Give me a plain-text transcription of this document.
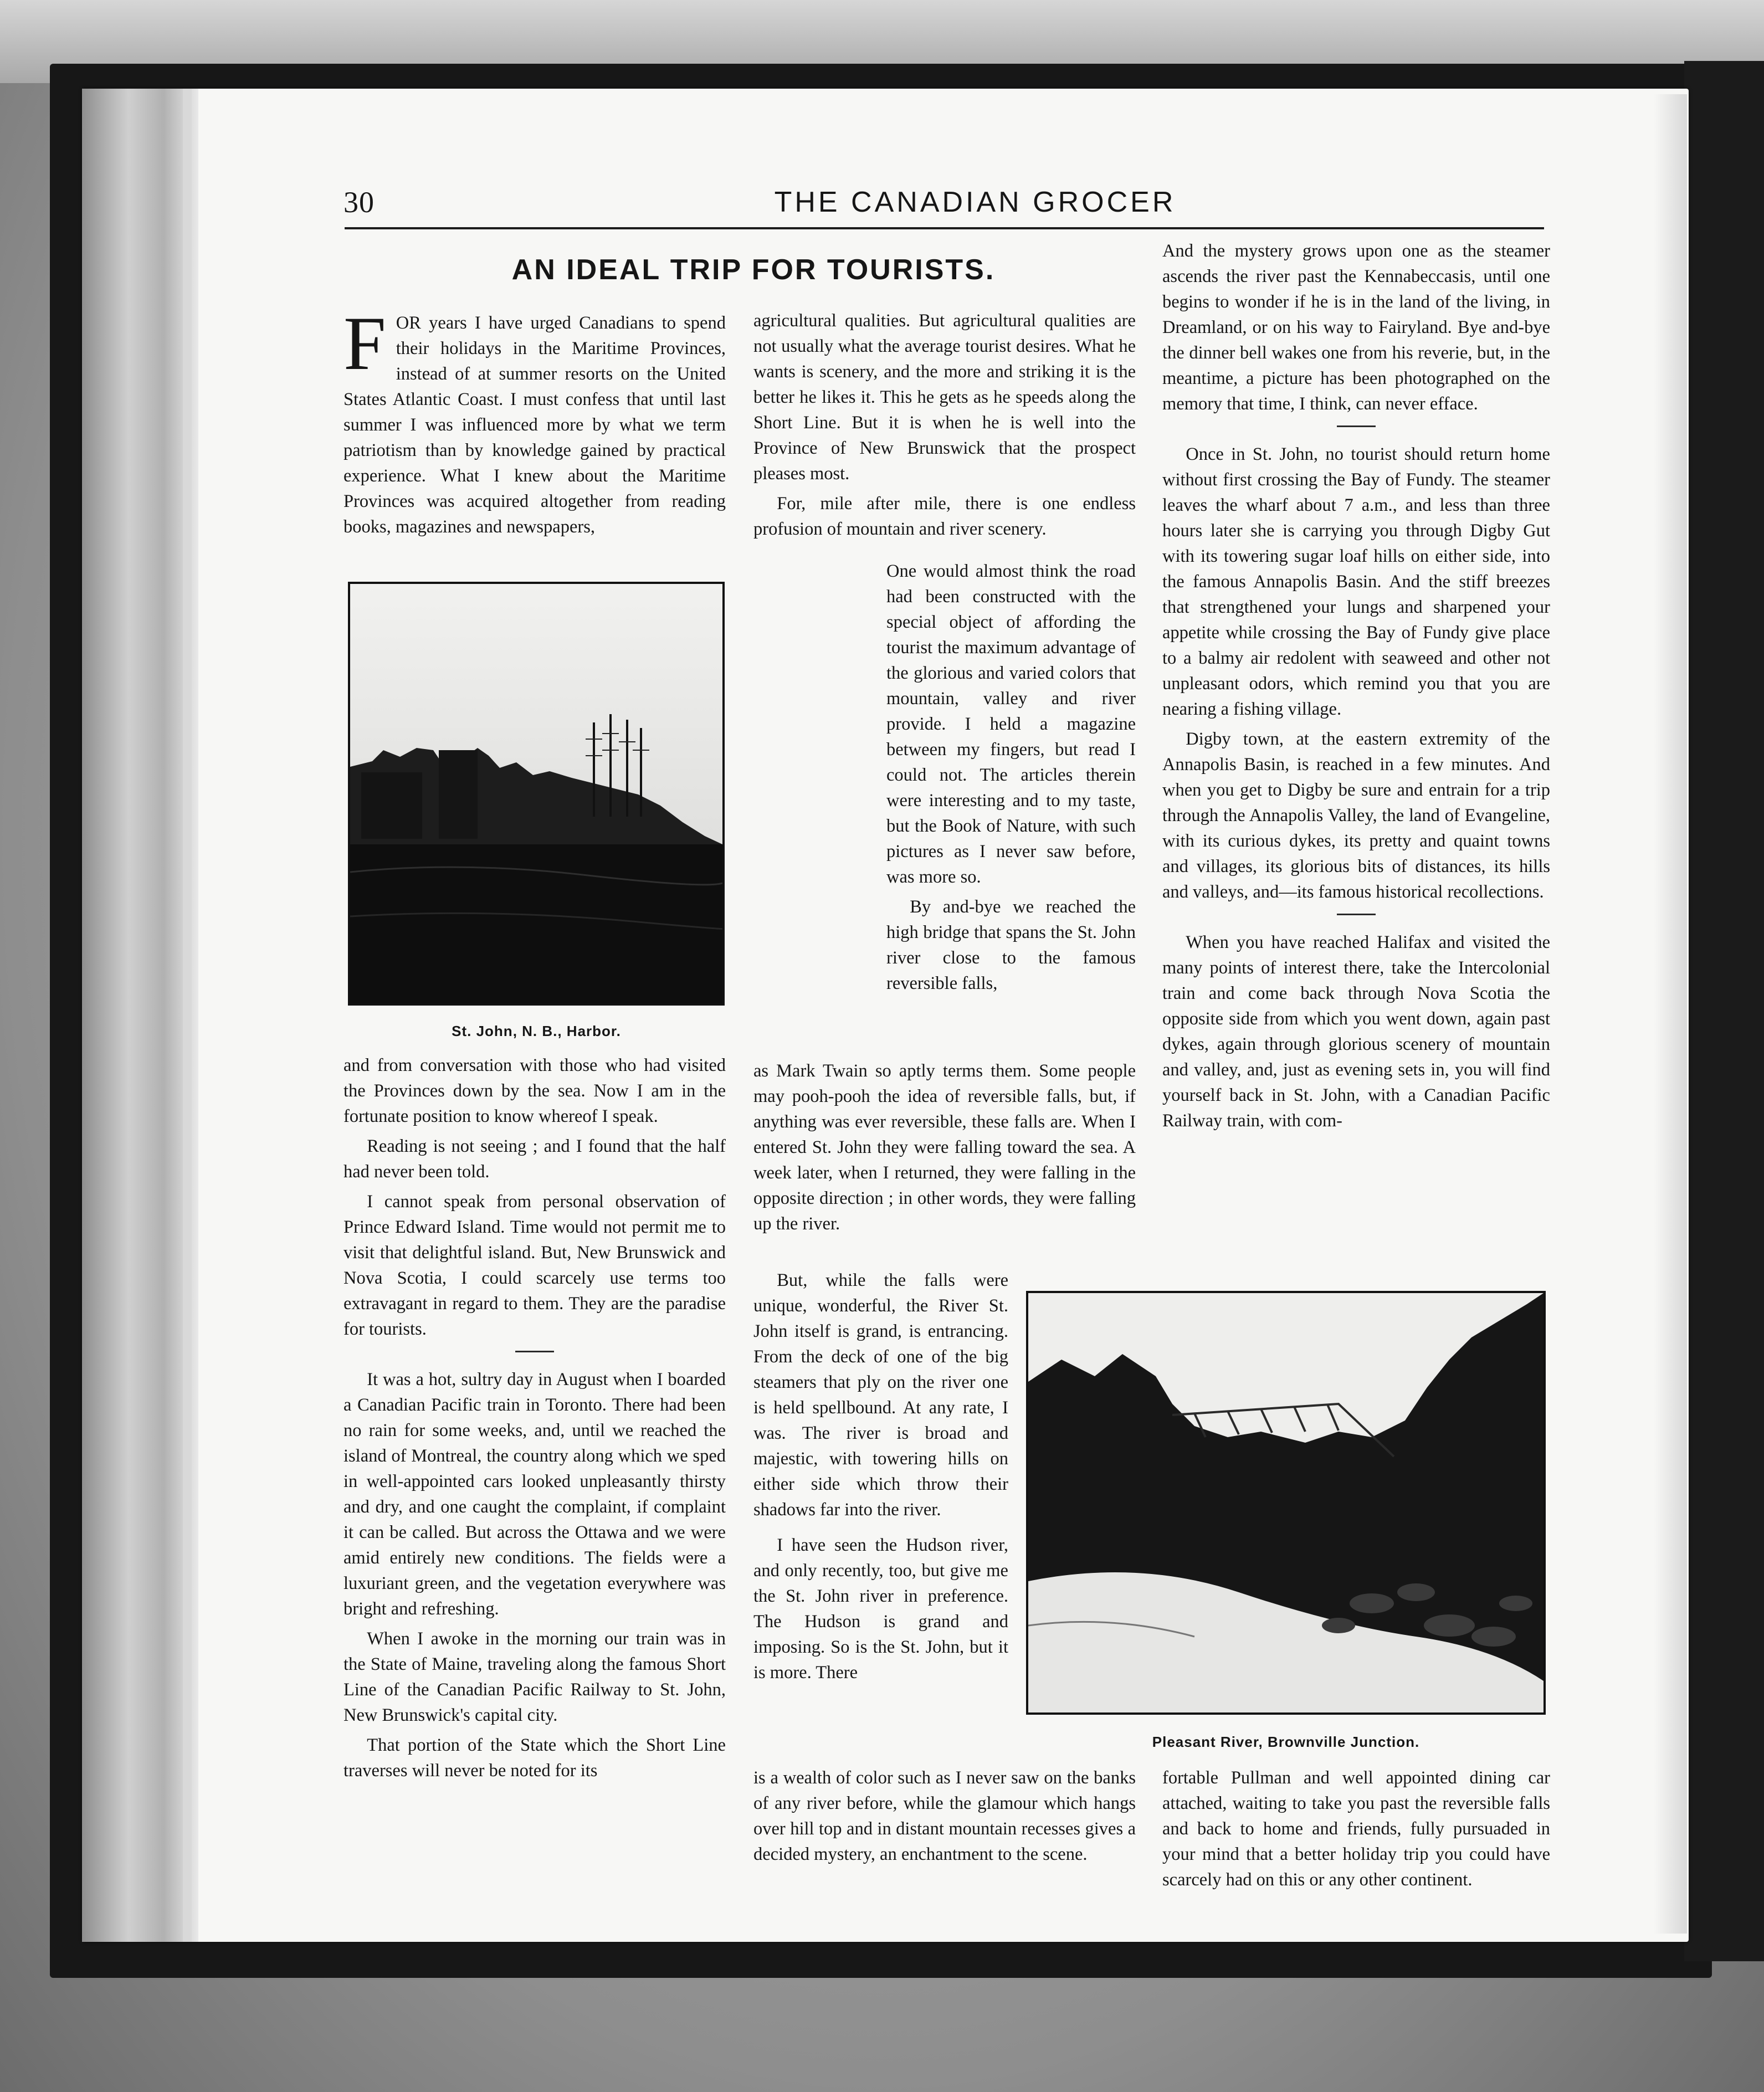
30	THE CANADIAN GROCER
AN IDEAL TRIP FOR TOURISTS.

FOR years I have urged Canadians to spend their holidays in the Maritime Provinces, instead of at summer resorts on the United States Atlantic Coast. I must confess that until last summer I was influenced more by what we term patriotism than by knowledge gained by practical experience. What I knew about the Maritime Provinces was acquired altogether from reading books, magazines and newspapers,

St. John, N. B., Harbor.

and from conversation with those who had visited the Provinces down by the sea. Now I am in the fortunate position to know whereof I speak.

Reading is not seeing ; and I found that the half had never been told.

I cannot speak from personal observation of Prince Edward Island. Time would not permit me to visit that delightful island. But, New Brunswick and Nova Scotia, I could scarcely use terms too extravagant in regard to them. They are the paradise for tourists.

It was a hot, sultry day in August when I boarded a Canadian Pacific train in Toronto. There had been no rain for some weeks, and, until we reached the island of Montreal, the country along which we sped in well-appointed cars looked unpleasantly thirsty and dry, and one caught the complaint, if complaint it can be called. But across the Ottawa and we were amid entirely new conditions. The fields were a luxuriant green, and the vegetation everywhere was bright and refreshing.

When I awoke in the morning our train was in the State of Maine, traveling along the famous Short Line of the Canadian Pacific Railway to St. John, New Brunswick's capital city.

That portion of the State which the Short Line traverses will never be noted for its

agricultural qualities. But agricultural qualities are not usually what the average tourist desires. What he wants is scenery, and the more and striking it is the better he likes it. This he gets as he speeds along the Short Line. But it is when he is well into the Province of New Brunswick that the prospect pleases most.

For, mile after mile, there is one endless profusion of mountain and river scenery.

One would almost think the road had been constructed with the special object of affording the tourist the maximum advantage of the glorious and varied colors that mountain, valley and river provide. I held a magazine between my fingers, but read I could not. The articles therein were interesting and to my taste, but the Book of Nature, with such pictures as I never saw before, was more so.

By and-bye we reached the high bridge that spans the St. John river close to the famous reversible falls,

as Mark Twain so aptly terms them. Some people may pooh-pooh the idea of reversible falls, but, if anything was ever reversible, these falls are. When I entered St. John they were falling toward the sea. A week later, when I returned, they were falling in the opposite direction ; in other words, they were falling up the river.

But, while the falls were unique, wonderful, the River St. John itself is grand, is entrancing. From the deck of one of the big steamers that ply on the river one is held spellbound. At any rate, I was. The river is broad and majestic, with towering hills on either side which throw their shadows far into the river.

I have seen the Hudson river, and only recently, too, but give me the St. John river in preference. The Hudson is grand and imposing. So is the St. John, but it is more. There

is a wealth of color such as I never saw on the banks of any river before, while the glamour which hangs over hill top and in distant mountain recesses gives a decided mystery, an enchantment to the scene.

And the mystery grows upon one as the steamer ascends the river past the Kennabeccasis, until one begins to wonder if he is in the land of the living, in Dreamland, or on his way to Fairyland. Bye and-bye the dinner bell wakes one from his reverie, but, in the meantime, a picture has been photographed on the memory that time, I think, can never efface.

Once in St. John, no tourist should return home without first crossing the Bay of Fundy. The steamer leaves the wharf about 7 a.m., and less than three hours later she is carrying you through Digby Gut with its towering sugar loaf hills on either side, into the famous Annapolis Basin. And the stiff breezes that strengthened your lungs and sharpened your appetite while crossing the Bay of Fundy give place to a balmy air redolent with seaweed and other not unpleasant odors, which remind you that you are nearing a fishing village.

Digby town, at the eastern extremity of the Annapolis Basin, is reached in a few minutes. And when you get to Digby be sure and entrain for a trip through the Annapolis Valley, the land of Evangeline, with its curious dykes, its pretty and quaint towns and villages, its glorious bits of distances, its hills and valleys, and—its famous historical recollections.

When you have reached Halifax and visited the many points of interest there, take the Intercolonial train and come back through Nova Scotia the opposite side from which you went down, again past dykes, again through glorious scenery of mountain and valley, and, just as evening sets in, you will find yourself back in St. John, with a Canadian Pacific Railway train, with com-

Pleasant River, Brownville Junction.

fortable Pullman and well appointed dining car attached, waiting to take you past the reversible falls and back to home and friends, fully pursuaded in your mind that a better holiday trip you could have scarcely had on this or any other continent.
